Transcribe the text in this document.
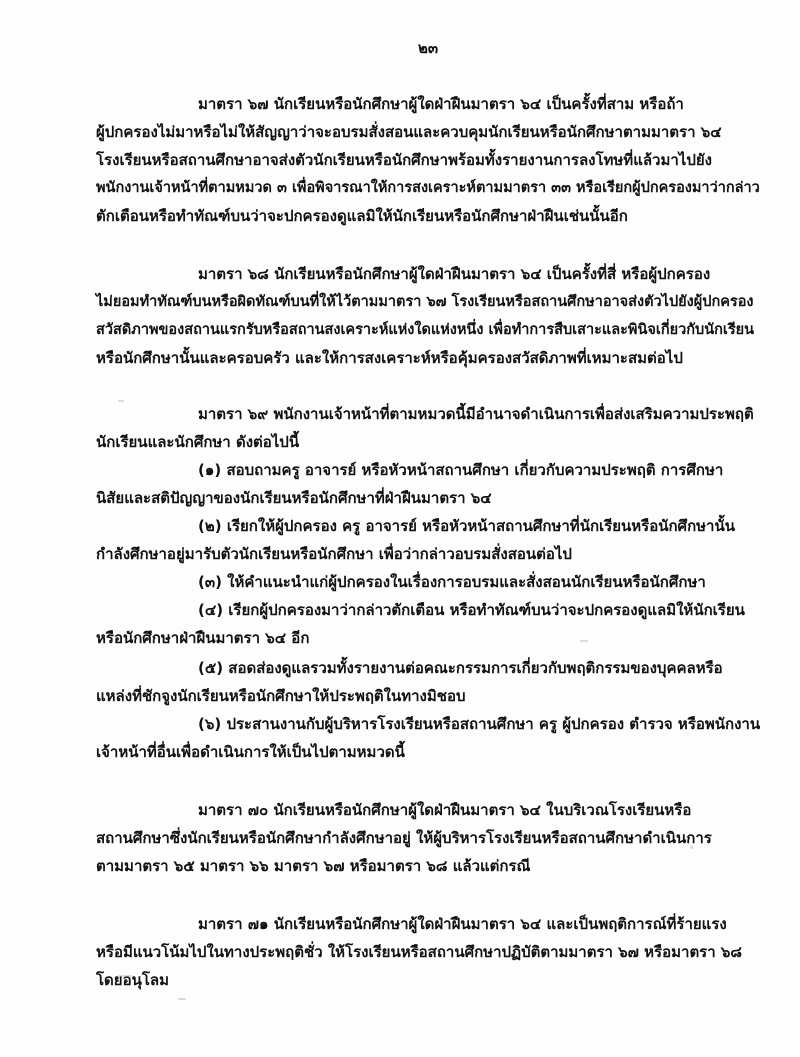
๒๓
มาตรา ๖๗ นักเรียนหรือนักศึกษาผู้ใดฝ่าฝืนมาตรา ๖๔ เป็นครั้งที่สาม หรือถ้า
ผู้ปกครองไม่มาหรือไม่ให้สัญญาว่าจะอบรมสั่งสอนและควบคุมนักเรียนหรือนักศึกษาตามมาตรา ๖๔
โรงเรียนหรือสถานศึกษาอาจส่งตัวนักเรียนหรือนักศึกษาพร้อมทั้งรายงานการลงโทษที่แล้วมาไปยัง
พนักงานเจ้าหน้าที่ตามหมวด ๓ เพื่อพิจารณาให้การสงเคราะห์ตามมาตรา ๓๓ หรือเรียกผู้ปกครองมาว่ากล่าว
ตักเตือนหรือทำทัณฑ์บนว่าจะปกครองดูแลมิให้นักเรียนหรือนักศึกษาฝ่าฝืนเช่นนั้นอีก
มาตรา ๖๘ นักเรียนหรือนักศึกษาผู้ใดฝ่าฝืนมาตรา ๖๔ เป็นครั้งที่สี่ หรือผู้ปกครอง
ไม่ยอมทำทัณฑ์บนหรือผิดทัณฑ์บนที่ให้ไว้ตามมาตรา ๖๗ โรงเรียนหรือสถานศึกษาอาจส่งตัวไปยังผู้ปกครอง
สวัสดิภาพของสถานแรกรับหรือสถานสงเคราะห์แห่งใดแห่งหนึ่ง เพื่อทำการสืบเสาะและพินิจเกี่ยวกับนักเรียน
หรือนักศึกษานั้นและครอบครัว และให้การสงเคราะห์หรือคุ้มครองสวัสดิภาพที่เหมาะสมต่อไป
มาตรา ๖๙ พนักงานเจ้าหน้าที่ตามหมวดนี้มีอำนาจดำเนินการเพื่อส่งเสริมความประพฤติ
นักเรียนและนักศึกษา ดังต่อไปนี้
(๑) สอบถามครู อาจารย์ หรือหัวหน้าสถานศึกษา เกี่ยวกับความประพฤติ การศึกษา
นิสัยและสติปัญญาของนักเรียนหรือนักศึกษาที่ฝ่าฝืนมาตรา ๖๔
(๒) เรียกให้ผู้ปกครอง ครู อาจารย์ หรือหัวหน้าสถานศึกษาที่นักเรียนหรือนักศึกษานั้น
กำลังศึกษาอยู่มารับตัวนักเรียนหรือนักศึกษา เพื่อว่ากล่าวอบรมสั่งสอนต่อไป
(๓) ให้คำแนะนำแก่ผู้ปกครองในเรื่องการอบรมและสั่งสอนนักเรียนหรือนักศึกษา
(๔) เรียกผู้ปกครองมาว่ากล่าวตักเตือน หรือทำทัณฑ์บนว่าจะปกครองดูแลมิให้นักเรียน
หรือนักศึกษาฝ่าฝืนมาตรา ๖๔ อีก
(๕) สอดส่องดูแลรวมทั้งรายงานต่อคณะกรรมการเกี่ยวกับพฤติกรรมของบุคคลหรือ
แหล่งที่ชักจูงนักเรียนหรือนักศึกษาให้ประพฤติในทางมิชอบ
(๖) ประสานงานกับผู้บริหารโรงเรียนหรือสถานศึกษา ครู ผู้ปกครอง ตำรวจ หรือพนักงาน
เจ้าหน้าที่อื่นเพื่อดำเนินการให้เป็นไปตามหมวดนี้
มาตรา ๗๐ นักเรียนหรือนักศึกษาผู้ใดฝ่าฝืนมาตรา ๖๔ ในบริเวณโรงเรียนหรือ
สถานศึกษาซึ่งนักเรียนหรือนักศึกษากำลังศึกษาอยู่ ให้ผู้บริหารโรงเรียนหรือสถานศึกษาดำเนินการ
ตามมาตรา ๖๕ มาตรา ๖๖ มาตรา ๖๗ หรือมาตรา ๖๘ แล้วแต่กรณี
มาตรา ๗๑ นักเรียนหรือนักศึกษาผู้ใดฝ่าฝืนมาตรา ๖๔ และเป็นพฤติการณ์ที่ร้ายแรง
หรือมีแนวโน้มไปในทางประพฤติชั่ว ให้โรงเรียนหรือสถานศึกษาปฏิบัติตามมาตรา ๖๗ หรือมาตรา ๖๘
โดยอนุโลม
